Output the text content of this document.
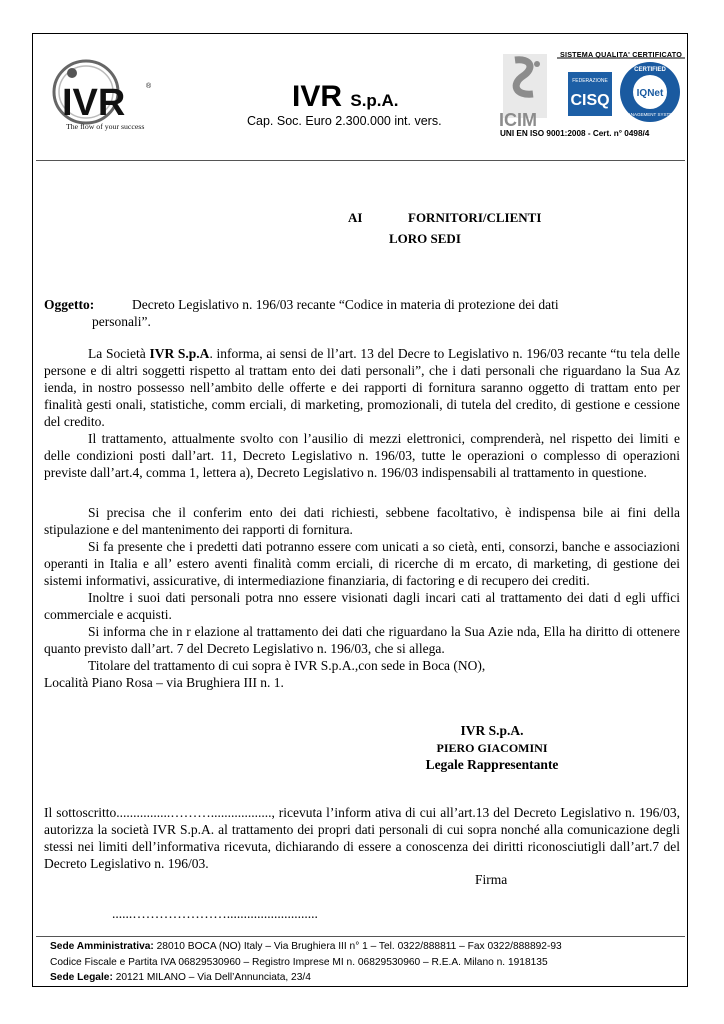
IVR	®
The flow of your success
IVR S.p.A.
Cap. Soc. Euro 2.300.000 int. vers.
SISTEMA QUALITA' CERTIFICATO
ICIM
FEDERAZIONE
CISQ
CERTIFIED
IQNet
MANAGEMENT SYSTEM
UNI EN ISO 9001:2008 - Cert. n° 0498/4
AI	FORNITORI/CLIENTI
LORO SEDI
Oggetto:	Decreto Legislativo n. 196/03 recante “Codice in materia di protezione dei dati
personali”.

La Società IVR S.p.A. informa, ai sensi de ll’art. 13 del Decre to Legislativo n. 196/03 recante “tu tela delle persone e di altri soggetti rispetto al trattam ento dei dati personali”, che i dati personali che riguardano la Sua Az ienda, in nostro possesso nell’ambito delle offerte e dei rapporti di fornitura saranno oggetto di trattam ento per finalità gesti onali, statistiche, comm erciali, di marketing, promozionali, di tutela del credito, di gestione e cessione del credito.

Il trattamento, attualmente svolto con l’ausilio di mezzi elettronici, comprenderà, nel rispetto dei limiti e delle condizioni posti dall’art. 11, Decreto Legislativo n. 196/03, tutte le operazioni o complesso di operazioni previste dall’art.4, comma 1, lettera a), Decreto Legislativo n. 196/03 indispensabili al trattamento in questione.

Si precisa che il conferim ento dei dati richiesti, sebbene facoltativo, è indispensa bile ai fini della stipulazione e del mantenimento dei rapporti di fornitura.

Si fa presente che i predetti dati potranno essere com unicati a so cietà, enti, consorzi, banche e associazioni operanti in Italia e all’ estero aventi finalità comm erciali, di ricerche di m ercato, di marketing, di gestione dei sistemi informativi, assicurative, di intermediazione finanziaria, di factoring e di recupero dei crediti.

Inoltre i suoi dati personali potra nno essere visionati dagli incari cati al trattamento dei dati d egli uffici commerciale e acquisti.

Si informa che in r elazione al trattamento dei dati che riguardano la Sua Azie nda, Ella ha diritto di ottenere quanto previsto dall’art. 7 del Decreto Legislativo n. 196/03, che si allega.

Titolare del trattamento di cui sopra è IVR S.p.A.,con sede in Boca (NO),

Località Piano Rosa – via Brughiera III n. 1.

IVR S.p.A.
PIERO GIACOMINI
Legale Rappresentante
Il sottoscritto................……….................., ricevuta l’inform ativa di cui all’art.13 del Decreto Legislativo n. 196/03, autorizza la società IVR S.p.A. al trattamento dei propri dati personali di cui sopra nonché alla comunicazione degli stessi nei limiti dell’informativa ricevuta, dichiarando di essere a conoscenza dei diritti riconosciutigli dall’art.7 del Decreto Legislativo n. 196/03.
Firma
......…………………...........................
Sede Amministrativa: 28010 BOCA (NO) Italy – Via Brughiera III n° 1 – Tel. 0322/888811 – Fax 0322/888892-93
Codice Fiscale e Partita IVA 06829530960 – Registro Imprese MI n. 06829530960 – R.E.A. Milano n. 1918135
Sede Legale: 20121 MILANO – Via Dell’Annunciata, 23/4
